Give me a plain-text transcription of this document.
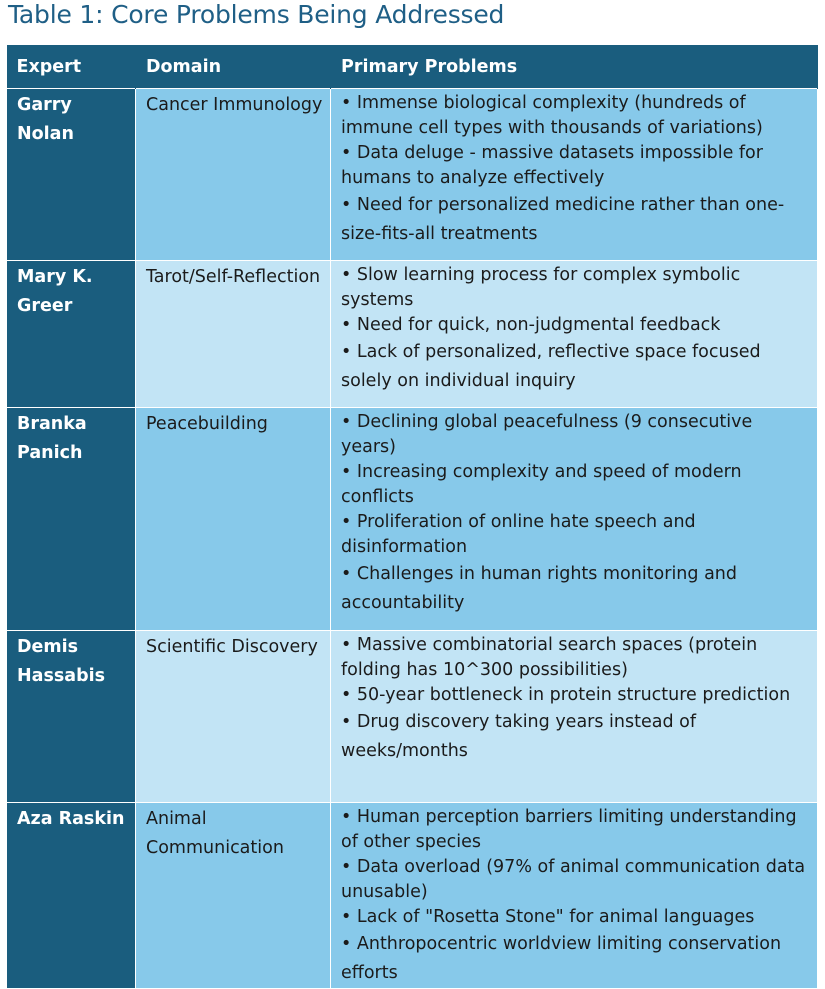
Table 1: Core Problems Being Addressed
Expert	Domain	Primary Problems
Garry Nolan	Cancer Immunology	• Immense biological complexity (hundreds of immune cell types with thousands of variations)
• Data deluge - massive datasets impossible for humans to analyze effectively
• Need for personalized medicine rather than one-size-fits-all treatments

Mary K. Greer	Tarot/Self-Reflection	• Slow learning process for complex symbolic systems
• Need for quick, non-judgmental feedback
• Lack of personalized, reflective space focused solely on individual inquiry

Branka Panich	Peacebuilding	• Declining global peacefulness (9 consecutive years)
• Increasing complexity and speed of modern conflicts
• Proliferation of online hate speech and disinformation
• Challenges in human rights monitoring and accountability

Demis Hassabis	Scientific Discovery	• Massive combinatorial search spaces (protein folding has 10^300 possibilities)
• 50-year bottleneck in protein structure prediction
• Drug discovery taking years instead of weeks/months

Aza Raskin	Animal Communication	• Human perception barriers limiting understanding of other species
• Data overload (97% of animal communication data unusable)
• Lack of "Rosetta Stone" for animal languages
• Anthropocentric worldview limiting conservation efforts
